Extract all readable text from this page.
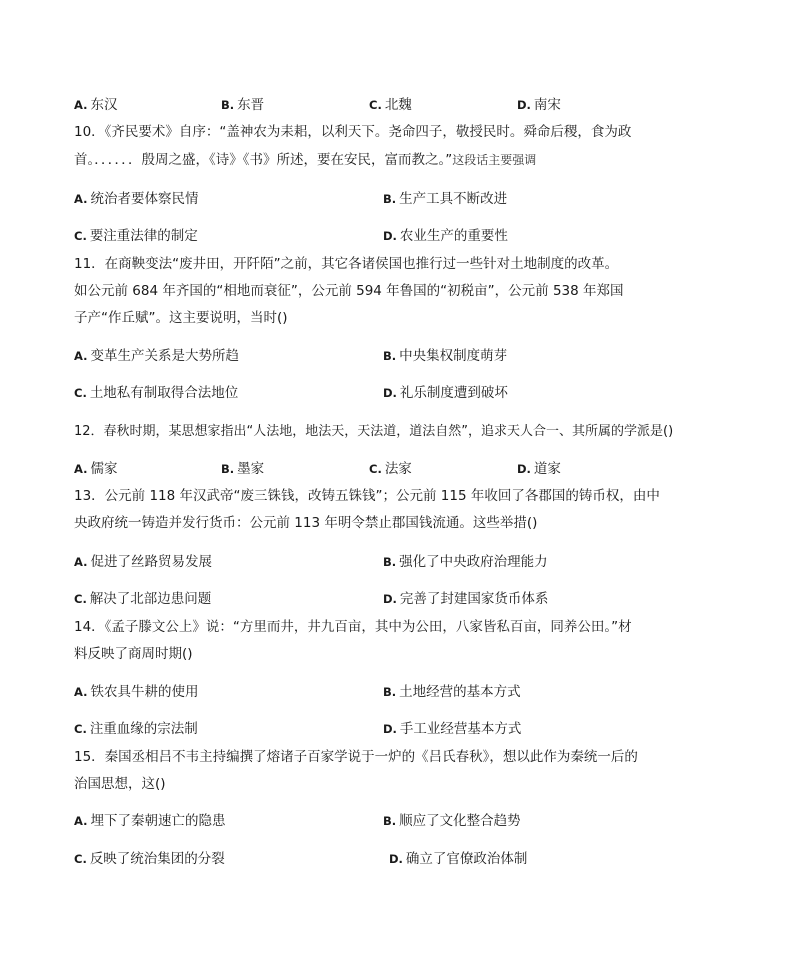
A. 东汉	B. 东晋	C. 北魏	D. 南宋
10．《齐民要术》自序：“盖神农为耒耜，以利天下。尧命四子，敬授民时。舜命后稷，食为政
首。．．．．．．殷周之盛，《诗》《书》所述，要在安民，富而教之。”这段话主要强调
A. 统治者要体察民情	B. 生产工具不断改进
C. 要注重法律的制定	D. 农业生产的重要性
11．在商鞅变法“废井田，开阡陌”之前，其它各诸侯国也推行过一些针对土地制度的改革。
如公元前 684 年齐国的“相地而衰征”，公元前 594 年鲁国的“初税亩”，公元前 538 年郑国
子产“作丘赋”。这主要说明，当时()
A. 变革生产关系是大势所趋	B. 中央集权制度萌芽
C. 土地私有制取得合法地位	D. 礼乐制度遭到破坏
12．春秋时期，某思想家指出“人法地，地法天，天法道，道法自然”，追求天人合一、其所属的学派是()
A. 儒家	B. 墨家	C. 法家	D. 道家
13．公元前 118 年汉武帝“废三铢钱，改铸五铢钱”；公元前 115 年收回了各郡国的铸币权，由中
央政府统一铸造并发行货币：公元前 113 年明令禁止郡国钱流通。这些举措()
A. 促进了丝路贸易发展	B. 强化了中央政府治理能力
C. 解决了北部边患问题	D. 完善了封建国家货币体系
14．《孟子滕文公上》说：“方里而井，井九百亩，其中为公田，八家皆私百亩，同养公田。”材
料反映了商周时期()
A. 铁农具牛耕的使用	B. 土地经营的基本方式
C. 注重血缘的宗法制	D. 手工业经营基本方式
15．秦国丞相吕不韦主持编撰了熔诸子百家学说于一炉的《吕氏春秋》，想以此作为秦统一后的
治国思想，这()
A. 埋下了秦朝速亡的隐患	B. 顺应了文化整合趋势
C. 反映了统治集团的分裂	D. 确立了官僚政治体制
